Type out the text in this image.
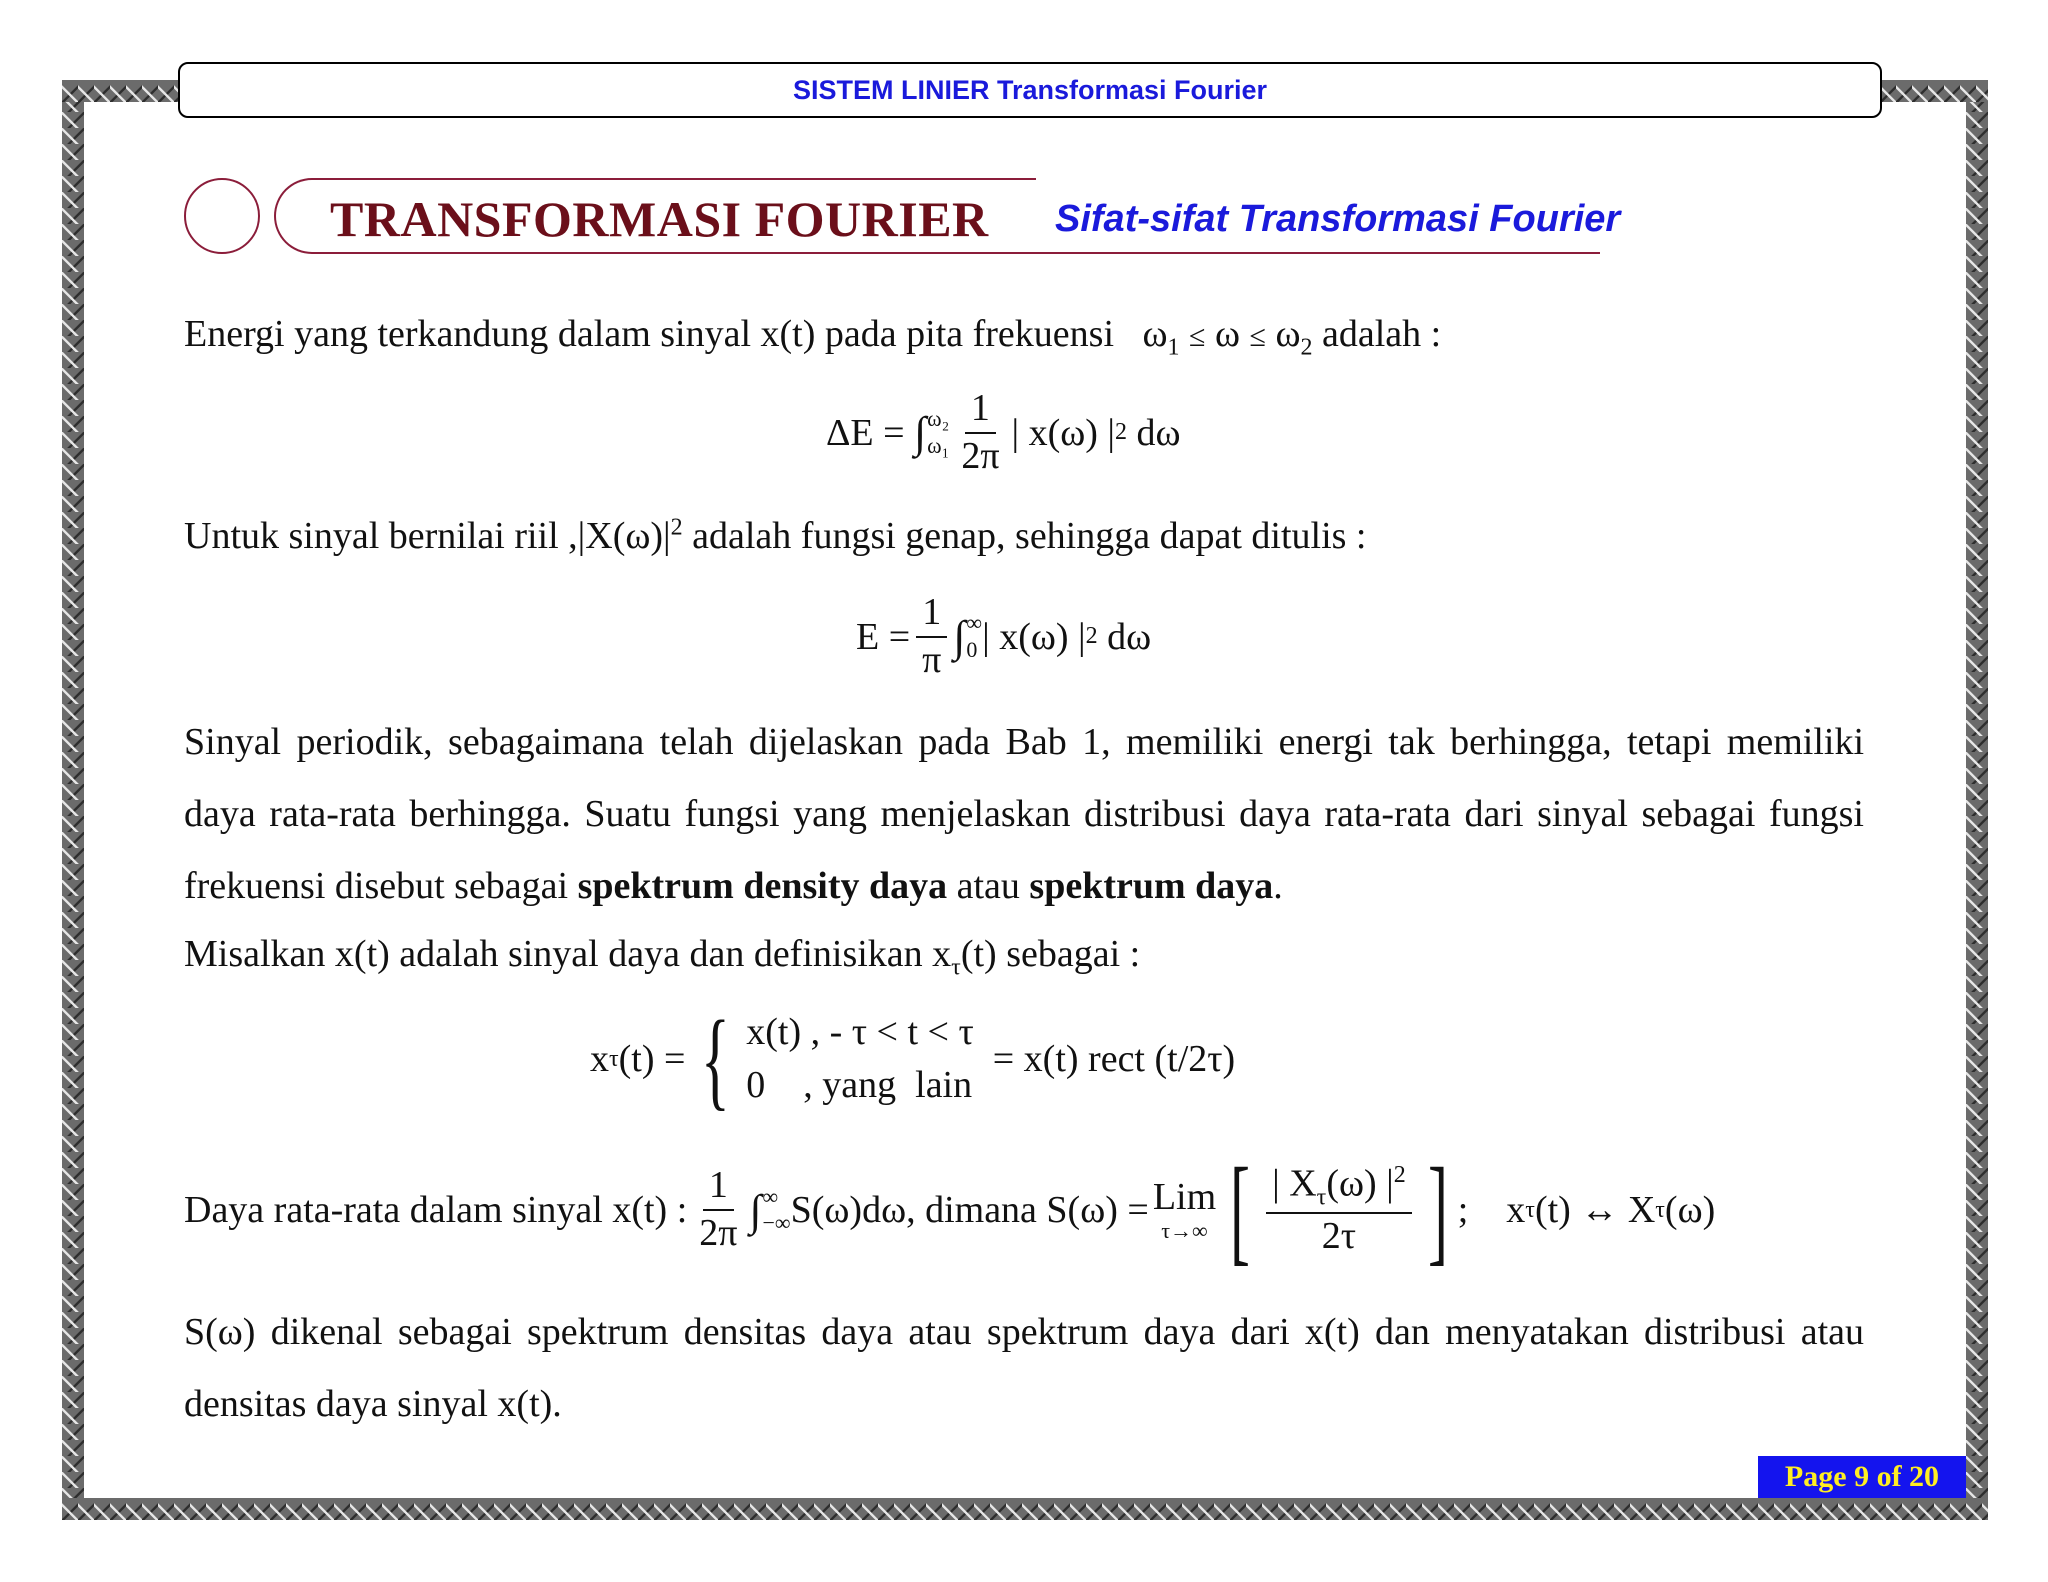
SISTEM LINIER Transformasi Fourier
TRANSFORMASI FOURIER Sifat-sifat Transformasi Fourier
Energi yang terkandung dalam sinyal x(t) pada pita frekuensi $\omega_1 \le \omega \le \omega_2$ adalah :
ΔE =
∫ ω₂
$\omega_1 \frac{1}{2\pi}$ | x(ω) | 2
dω
Untuk sinyal bernilai riil $,|X(\omega)|^2$ adalah fungsi genap, sehingga dapat ditulis :
$E = \frac{1}{\pi}$ ∫ ∞
0 | x(ω) | 2
dω
Sinyal periodik, sebagaimana telah dijelaskan pada Bab 1, memiliki energi tak berhingga, tetapi memiliki daya rata-rata berhingga. Suatu fungsi yang menjelaskan distribusi daya rata-rata dari sinyal sebagai fungsi frekuensi disebut sebagai spektrum density daya atau spektrum daya.
Misalkan x(t) adalah sinyal daya dan definisikan $x_\tau(t)$ sebagai :
x τ (t) = { x(t) , - τ < t < τ
0    , yang  lain

= x(t) rect (t/2τ)
Daya rata-rata dalam sinyal x(t) : $\frac{1}{2\pi}$ ∫ ∞
−∞ S(ω)dω , dimana S(ω) = Lim
τ→∞ [ $\frac{| X_\tau(\omega) |^2}{2\tau}$ ] ;
x τ (t) ↔ X τ (ω)
S(ω) dikenal sebagai spektrum densitas daya atau spektrum daya dari x(t) dan menyatakan distribusi atau densitas daya sinyal x(t).
Page 9 of 20
